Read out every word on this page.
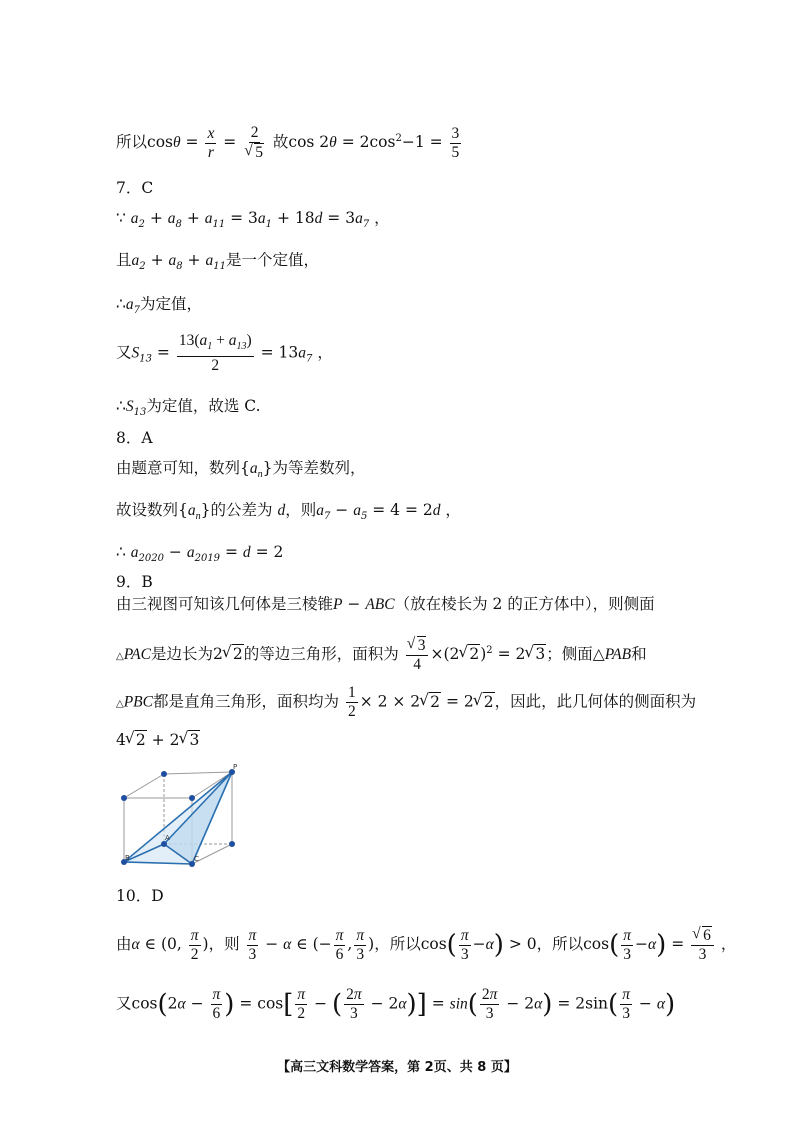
所以$\cos\theta = \frac{x}{r} = 2$
√ 5 故$\cos 2\theta = 2\cos^2-1 = \frac{3}{5}$
7．C
∵ $a_2 + a_8 + a_{11} = 3a_1 + 18d = 3a_7$ ，
且$a_2 + a_8 + a_{11}$是一个定值，
$\therefore a_7$为定值，
又$S_{13} = \frac{13(a_1 + a_{13})}{2} = 13a_7$ ，
$\therefore S_{13}$为定值，故选 C.
8．A
由题意可知，数列$\{a_n\}$为等差数列，
故设数列$\{a_n\}$的公差为 d，则$a_7 - a_5 = 4 = 2d$ ，
∴ $a_{2020} - a_{2019} = d = 2$
9．B
由三视图可知该几何体是三棱锥P − ABC（放在棱长为 2 的正方体中），则侧面
△PAC是边长为2√ 2的等边三角形，面积为
√ $\frac{3}{4} \times(2√$ 2)$^2$ = 2√ 3；侧面△PAB和
△PBC都是直角三角形，面积均为 $\frac{1}{2} \times 2 \times 2√$ 2 = 2√ 2，因此，此几何体的侧面积为
4√ 2 + 2√ 3
P
A
B	C
10．D
由α ∈ (0, $\frac{\pi}{2}$ )，则 $\frac{\pi}{3} - \alpha$ ∈ (− $\frac{\pi}{6}$ , $\frac{\pi}{3}$ )，所以$\cos( \frac{\pi}{3} -\alpha) > 0$，所以$\cos( \frac{\pi}{3} -\alpha)$ =
√ $\frac{6}{3}$ ，
又$\cos(2\alpha - \frac{\pi}{6}$ ) = $\cos[ \frac{\pi}{2}$ − ( $\frac{2\pi}{3} - 2\alpha)] = \sin( \frac{2\pi}{3} - 2\alpha) = 2\sin( \frac{\pi}{3} - \alpha)$
【高三文科数学答案，第 2页、共 8 页】
